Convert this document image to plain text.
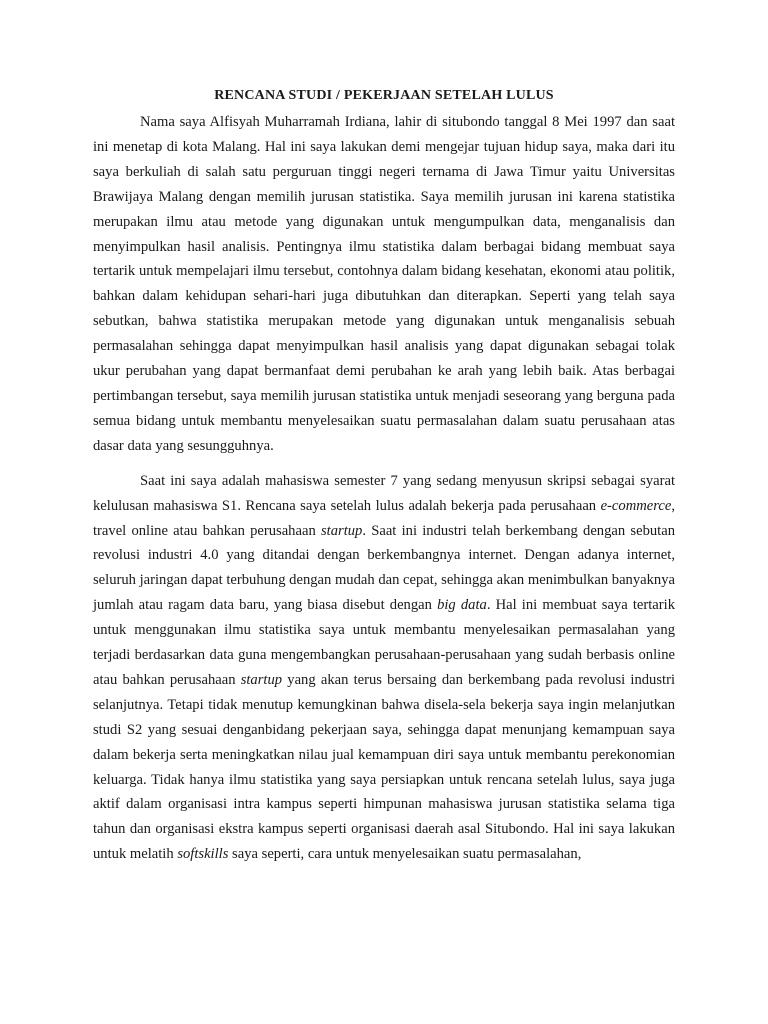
RENCANA STUDI / PEKERJAAN SETELAH LULUS

Nama saya Alfisyah Muharramah Irdiana, lahir di situbondo tanggal 8 Mei 1997 dan saat ini menetap di kota Malang. Hal ini saya lakukan demi mengejar tujuan hidup saya, maka dari itu saya berkuliah di salah satu perguruan tinggi negeri ternama di Jawa Timur yaitu Universitas Brawijaya Malang dengan memilih jurusan statistika. Saya memilih jurusan ini karena statistika merupakan ilmu atau metode yang digunakan untuk mengumpulkan data, menganalisis dan menyimpulkan hasil analisis. Pentingnya ilmu statistika dalam berbagai bidang membuat saya tertarik untuk mempelajari ilmu tersebut, contohnya dalam bidang kesehatan, ekonomi atau politik, bahkan dalam kehidupan sehari-hari juga dibutuhkan dan diterapkan. Seperti yang telah saya sebutkan, bahwa statistika merupakan metode yang digunakan untuk menganalisis sebuah permasalahan sehingga dapat menyimpulkan hasil analisis yang dapat digunakan sebagai tolak ukur perubahan yang dapat bermanfaat demi perubahan ke arah yang lebih baik. Atas berbagai pertimbangan tersebut, saya memilih jurusan statistika untuk menjadi seseorang yang berguna pada semua bidang untuk membantu menyelesaikan suatu permasalahan dalam suatu perusahaan atas dasar data yang sesungguhnya.

Saat ini saya adalah mahasiswa semester 7 yang sedang menyusun skripsi sebagai syarat kelulusan mahasiswa S1. Rencana saya setelah lulus adalah bekerja pada perusahaan e-commerce, travel online atau bahkan perusahaan startup. Saat ini industri telah berkembang dengan sebutan revolusi industri 4.0 yang ditandai dengan berkembangnya internet. Dengan adanya internet, seluruh jaringan dapat terbuhung dengan mudah dan cepat, sehingga akan menimbulkan banyaknya jumlah atau ragam data baru, yang biasa disebut dengan big data. Hal ini membuat saya tertarik untuk menggunakan ilmu statistika saya untuk membantu menyelesaikan permasalahan yang terjadi berdasarkan data guna mengembangkan perusahaan-perusahaan yang sudah berbasis online atau bahkan perusahaan startup yang akan terus bersaing dan berkembang pada revolusi industri selanjutnya. Tetapi tidak menutup kemungkinan bahwa disela-sela bekerja saya ingin melanjutkan studi S2 yang sesuai denganbidang pekerjaan saya, sehingga dapat menunjang kemampuan saya dalam bekerja serta meningkatkan nilau jual kemampuan diri saya untuk membantu perekonomian keluarga. Tidak hanya ilmu statistika yang saya persiapkan untuk rencana setelah lulus, saya juga aktif dalam organisasi intra kampus seperti himpunan mahasiswa jurusan statistika selama tiga tahun dan organisasi ekstra kampus seperti organisasi daerah asal Situbondo. Hal ini saya lakukan untuk melatih softskills saya seperti, cara untuk menyelesaikan suatu permasalahan,
